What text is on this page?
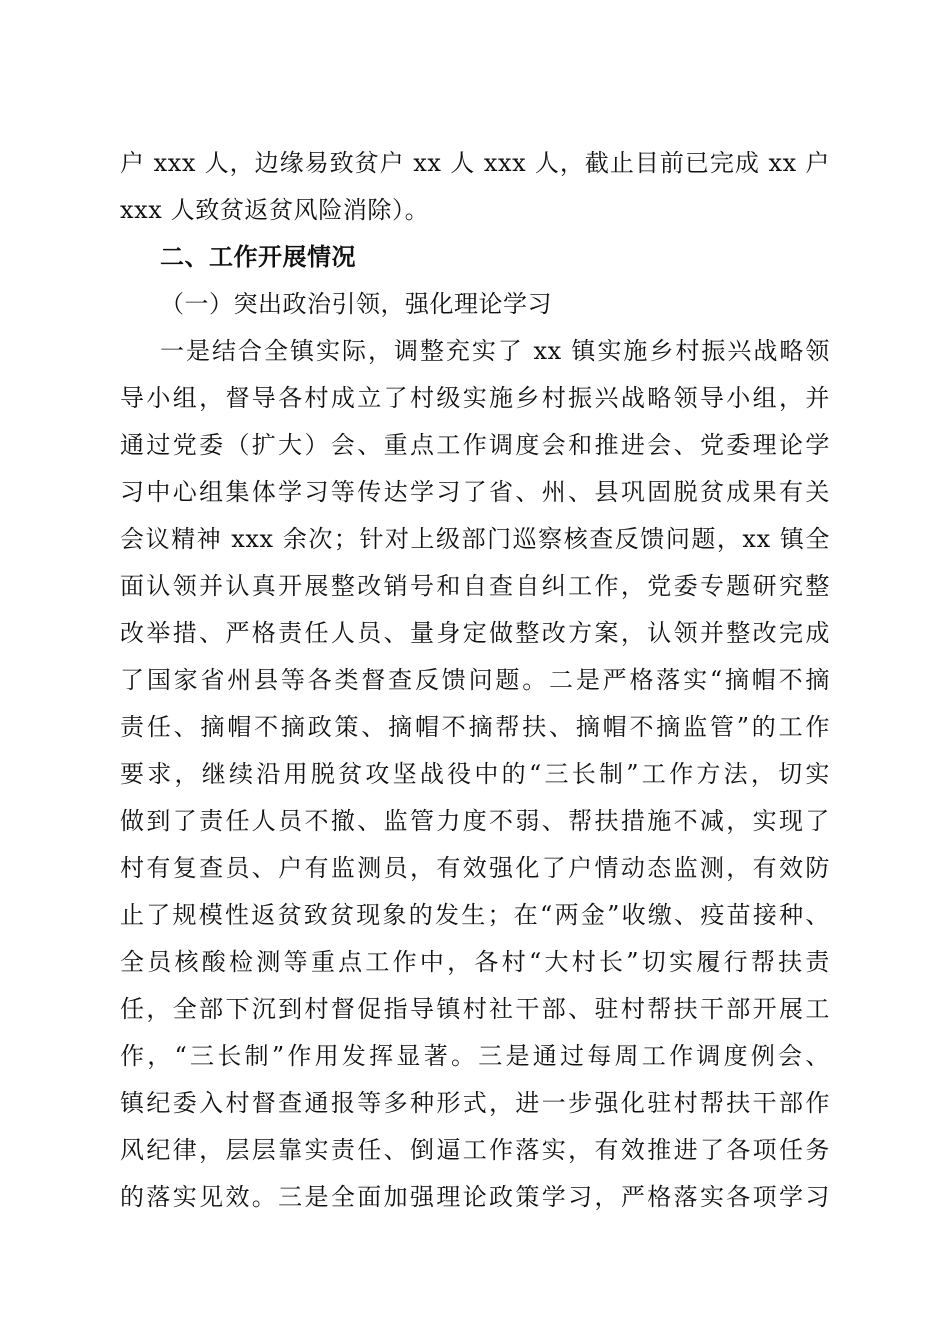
户 xxx 人，边缘易致贫户 xx 人 xxx 人，截止目前已完成 xx 户
xxx 人致贫返贫风险消除）。
二、工作开展情况
（一）突出政治引领，强化理论学习
一是结合全镇实际，调整充实了 xx 镇实施乡村振兴战略领
导小组，督导各村成立了村级实施乡村振兴战略领导小组，并
通过党委（扩大）会、重点工作调度会和推进会、党委理论学
习中心组集体学习等传达学习了省、州、县巩固脱贫成果有关
会议精神 xxx 余次；针对上级部门巡察核查反馈问题，xx 镇全
面认领并认真开展整改销号和自查自纠工作，党委专题研究整
改举措、严格责任人员、量身定做整改方案，认领并整改完成
了国家省州县等各类督查反馈问题。二是严格落实“摘帽不摘
责任、摘帽不摘政策、摘帽不摘帮扶、摘帽不摘监管”的工作
要求，继续沿用脱贫攻坚战役中的“三长制”工作方法，切实
做到了责任人员不撤、监管力度不弱、帮扶措施不减，实现了
村有复查员、户有监测员，有效强化了户情动态监测，有效防
止了规模性返贫致贫现象的发生；在“两金”收缴、疫苗接种、
全员核酸检测等重点工作中，各村“大村长”切实履行帮扶责
任，全部下沉到村督促指导镇村社干部、驻村帮扶干部开展工
作，“三长制”作用发挥显著。三是通过每周工作调度例会、
镇纪委入村督查通报等多种形式，进一步强化驻村帮扶干部作
风纪律，层层靠实责任、倒逼工作落实，有效推进了各项任务
的落实见效。三是全面加强理论政策学习，严格落实各项学习
